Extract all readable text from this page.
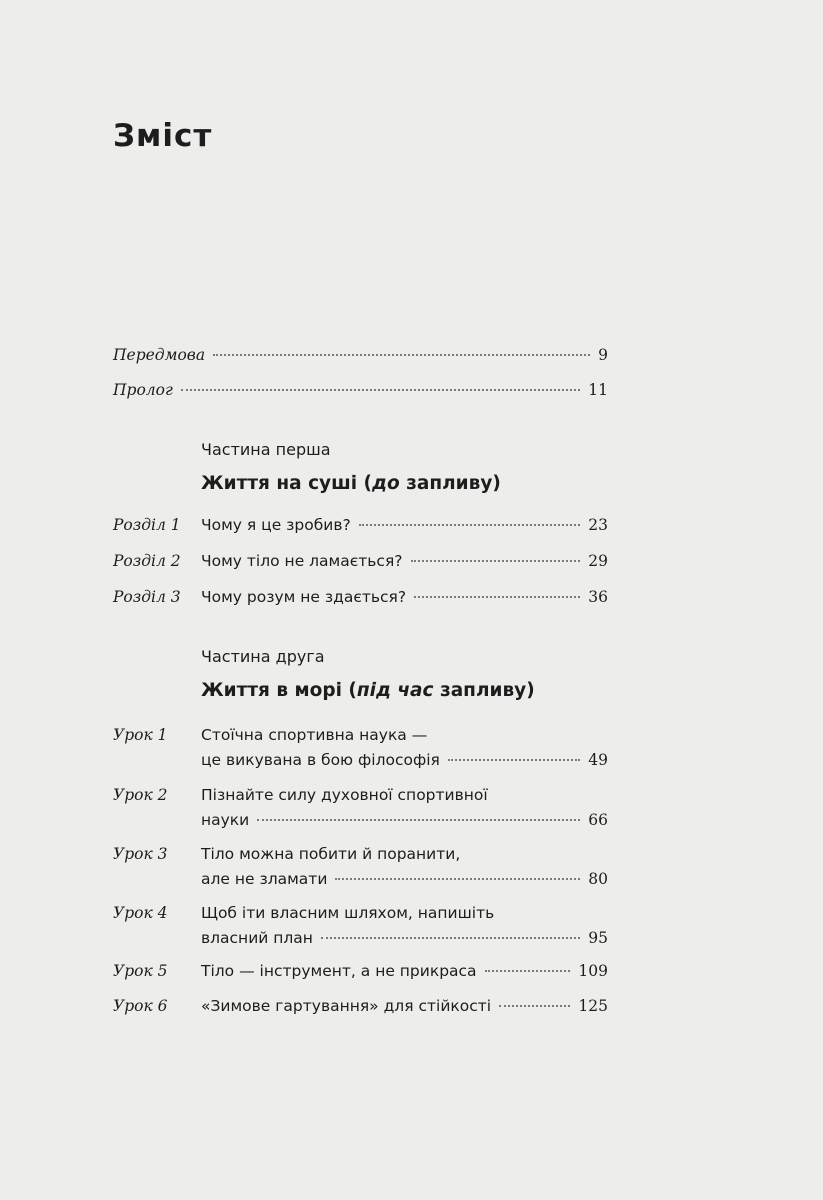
Зміст
Передмова	9
Пролог	11
Частина перша
Життя на суші (до запливу)
Розділ 1 Чому я це зробив?	23
Розділ 2 Чому тіло не ламається?	29
Розділ 3 Чому розум не здається?	36
Частина друга
Життя в морі (під час запливу)
Урок 1 Стоїчна спортивна наука —
це викувана в бою філософія	49
Урок 2 Пізнайте силу духовної спортивної
науки	66
Урок 3 Тіло можна побити й поранити,
але не зламати	80
Урок 4 Щоб іти власним шляхом, напишіть
власний план	95
Урок 5 Тіло — інструмент, а не прикраса	109
Урок 6 «Зимове гартування» для стійкості	125
